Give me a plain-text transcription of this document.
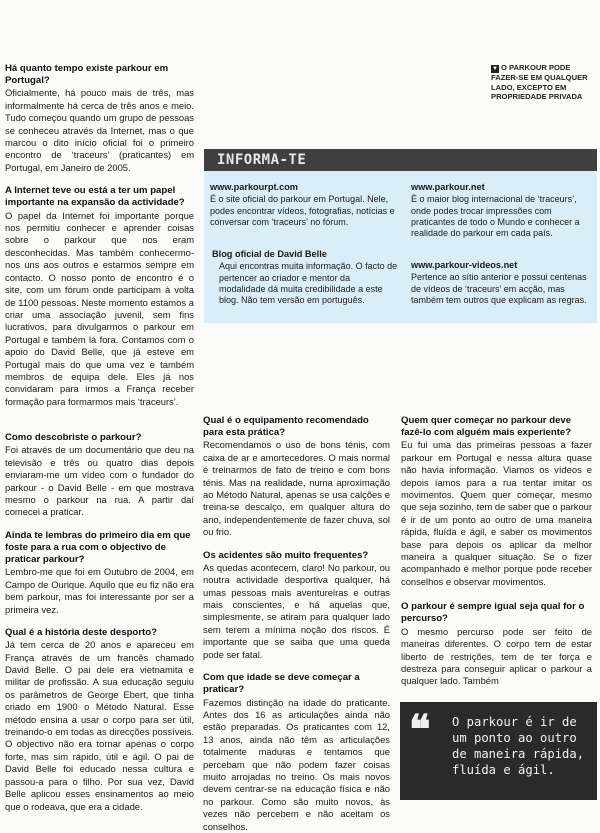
Há quanto tempo existe parkour em Portugal?

Oficialmente, há pouco mais de três, mas informalmente há cerca de três anos e meio. Tudo começou quando um grupo de pessoas se conheceu através da Internet, mas o que marcou o dito início oficial foi o primeiro encontro de ‘traceurs’ (praticantes) em Portugal, em Janeiro de 2005.

A Internet teve ou está a ter um papel importante na expansão da actividade?

O papel da Internet foi importante porque nos permitiu conhecer e aprender coisas sobre o parkour que nos eram desconhecidas. Mas também conhecermo-nos uns aos outros e estarmos sempre em contacto. O nosso ponto de encontro é o site, com um fórum onde participam à volta de 1100 pessoas. Neste momento estamos a criar uma associação juvenil, sem fins lucrativos, para divulgarmos o parkour em Portugal e também lá fora. Contamos com o apoio do David Belle, que já esteve em Portugal mais do que uma vez e também membros de equipa dele. Eles já nos convidaram para irmos a França receber formação para formarmos mais ‘traceurs’.

Como descobriste o parkour?

Foi através de um documentário que deu na televisão e três ou quatro dias depois enviaram-me um vídeo com o fundador do parkour - o David Belle - em que mostrava mesmo o parkour na rua. A partir daí comecei a praticar.

Ainda te lembras do primeiro dia em que foste para a rua com o objectivo de praticar parkour?

Lembro-me que foi em Outubro de 2004, em Campo de Ourique. Aquilo que eu fiz não era bem parkour, mas foi interessante por ser a primeira vez.

Qual é a história deste desporto?

Já tem cerca de 20 anos e apareceu em França através de um francês chamado David Belle. O pai dele era vietnamita e militar de profissão. A sua educação seguiu os parâmetros de George Ebert, que tinha criado em 1900 o Método Natural. Esse método ensina a usar o corpo para ser útil, treinando-o em todas as direcções possíveis. O objectivo não era tornar apenas o corpo forte, mas sim rápido, útil e ágil. O pai de David Belle foi educado nessa cultura e passou-a para o filho. Por sua vez, David Belle aplicou esses ensinamentos ao meio que o rodeava, que era a cidade.

▼ O PARKOUR PODE FAZER-SE EM QUALQUER LADO, EXCEPTO EM PROPRIEDADE PRIVADA
INFORMA-TE
www.parkourpt.com
É o site oficial do parkour em Portugal. Nele, podes encontrar vídeos, fotografias, notícias e conversar com ‘traceurs’ no fórum.
www.parkour.net
É o maior blog internacional de ‘traceurs’, onde podes trocar impressões com praticantes de todo o Mundo e conhecer a realidade do parkour em cada país.
Blog oficial de David Belle
Aqui encontras muita informação. O facto de pertencer ao criador e mentor da modalidade dá muita credibilidade a este blog. Não tem versão em português.
www.parkour-videos.net
Pertence ao sítio anterior e possui centenas de vídeos de ‘traceurs’ em acção, mas também tem outros que explicam as regras.
Qual é o equipamento recomendado para esta prática?

Recomendamos o uso de bons ténis, com caixa de ar e amortecedores. O mais normal é treinarmos de fato de treino e com bons ténis. Mas na realidade, numa aproximação ao Método Natural, apenas se usa calções e treina-se descalço, em qualquer altura do ano, independentemente de fazer chuva, sol ou frio.

Os acidentes são muito frequentes?

As quedas acontecem, claro! No parkour, ou noutra actividade desportiva qualquer, há umas pessoas mais aventureiras e outras mais conscientes, e há aquelas que, simplesmente, se atiram para qualquer lado sem terem a mínima noção dos riscos. É importante que se saiba que uma queda pode ser fatal.

Com que idade se deve começar a praticar?

Fazemos distinção na idade do praticante. Antes dos 16 as articulações ainda não estão preparadas. Os praticantes com 12, 13 anos, ainda não têm as articulações totalmente maduras e tentamos que percebam que não podem fazer coisas muito arrojadas no treino. Os mais novos devem centrar-se na educação física e não no parkour. Como são muito novos, às vezes não percebem e não aceitam os conselhos.

Quem quer começar no parkour deve fazê-lo com alguém mais experiente?

Eu fui uma das primeiras pessoas a fazer parkour em Portugal e nessa altura quase não havia informação. Viamos os vídeos e depois íamos para a rua tentar imitar os movimentos. Quem quer começar, mesmo que seja sozinho, tem de saber que o parkour é ir de um ponto ao outro de uma maneira rápida, fluída e ágil, e saber os movimentos base para depois os aplicar da melhor maneira a qualquer situação. Se o fizer acompanhado é melhor porque pode receber conselhos e observar movimentos.

O parkour é sempre igual seja qual for o percurso?

O mesmo percurso pode ser feito de maneiras diferentes. O corpo tem de estar liberto de restrições, tem de ter força e destreza para conseguir aplicar o parkour a qualquer lado. Também

❝ O parkour é ir de um ponto ao outro de maneira rápida, fluída e ágil.
